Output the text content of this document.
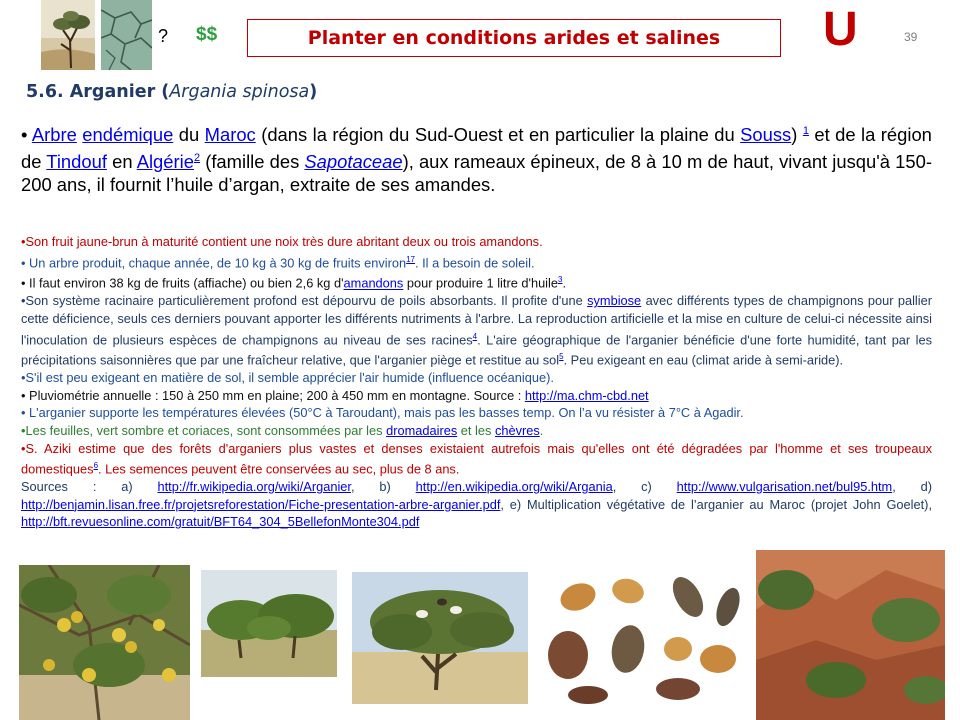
? $$	Planter en conditions arides et salines	U	39
5.6. Arganier (Argania spinosa)
• Arbre endémique du Maroc (dans la région du Sud-Ouest et en particulier la plaine du Souss) $^1$ et de la région de Tindouf en Algérie$^2$ (famille des Sapotaceae), aux rameaux épineux, de 8 à 10 m de haut, vivant jusqu'à 150-200 ans, il fournit l’huile d’argan, extraite de ses amandes.

•Son fruit jaune-brun à maturité contient une noix très dure abritant deux ou trois amandons.

• Un arbre produit, chaque année, de 10 kg à 30 kg de fruits environ$^{17}$. Il a besoin de soleil.

• Il faut environ 38 kg de fruits (affiache) ou bien 2,6 kg d'amandons pour produire 1 litre d'huile$^3$.

•Son système racinaire particulièrement profond est dépourvu de poils absorbants. Il profite d'une symbiose avec différents types de champignons pour pallier cette déficience, seuls ces derniers pouvant apporter les différents nutriments à l'arbre. La reproduction artificielle et la mise en culture de celui-ci nécessite ainsi l'inoculation de plusieurs espèces de champignons au niveau de ses racines$^4$. L'aire géographique de l'arganier bénéficie d'une forte humidité, tant par les précipitations saisonnières que par une fraîcheur relative, que l'arganier piège et restitue au sol$^5$. Peu exigeant en eau (climat aride à semi-aride).

•S'il est peu exigeant en matière de sol, il semble apprécier l'air humide (influence océanique).

• Pluviométrie annuelle : 150 à 250 mm en plaine; 200 à 450 mm en montagne. Source : http://ma.chm-cbd.net

• L'arganier supporte les températures élevées (50°C à Taroudant), mais pas les basses temp. On l’a vu résister à 7°C à Agadir.

•Les feuilles, vert sombre et coriaces, sont consommées par les dromadaires et les chèvres.

•S. Aziki estime que des forêts d'arganiers plus vastes et denses existaient autrefois mais qu'elles ont été dégradées par l'homme et ses troupeaux domestiques$^6$. Les semences peuvent être conservées au sec, plus de 8 ans.

Sources : a) http://fr.wikipedia.org/wiki/Arganier, b) http://en.wikipedia.org/wiki/Argania, c) http://www.vulgarisation.net/bul95.htm, d) http://benjamin.lisan.free.fr/projetsreforestation/Fiche-presentation-arbre-arganier.pdf, e) Multiplication végétative de l’arganier au Maroc (projet John Goelet), http://bft.revuesonline.com/gratuit/BFT64_304_5BellefonMonte304.pdf
